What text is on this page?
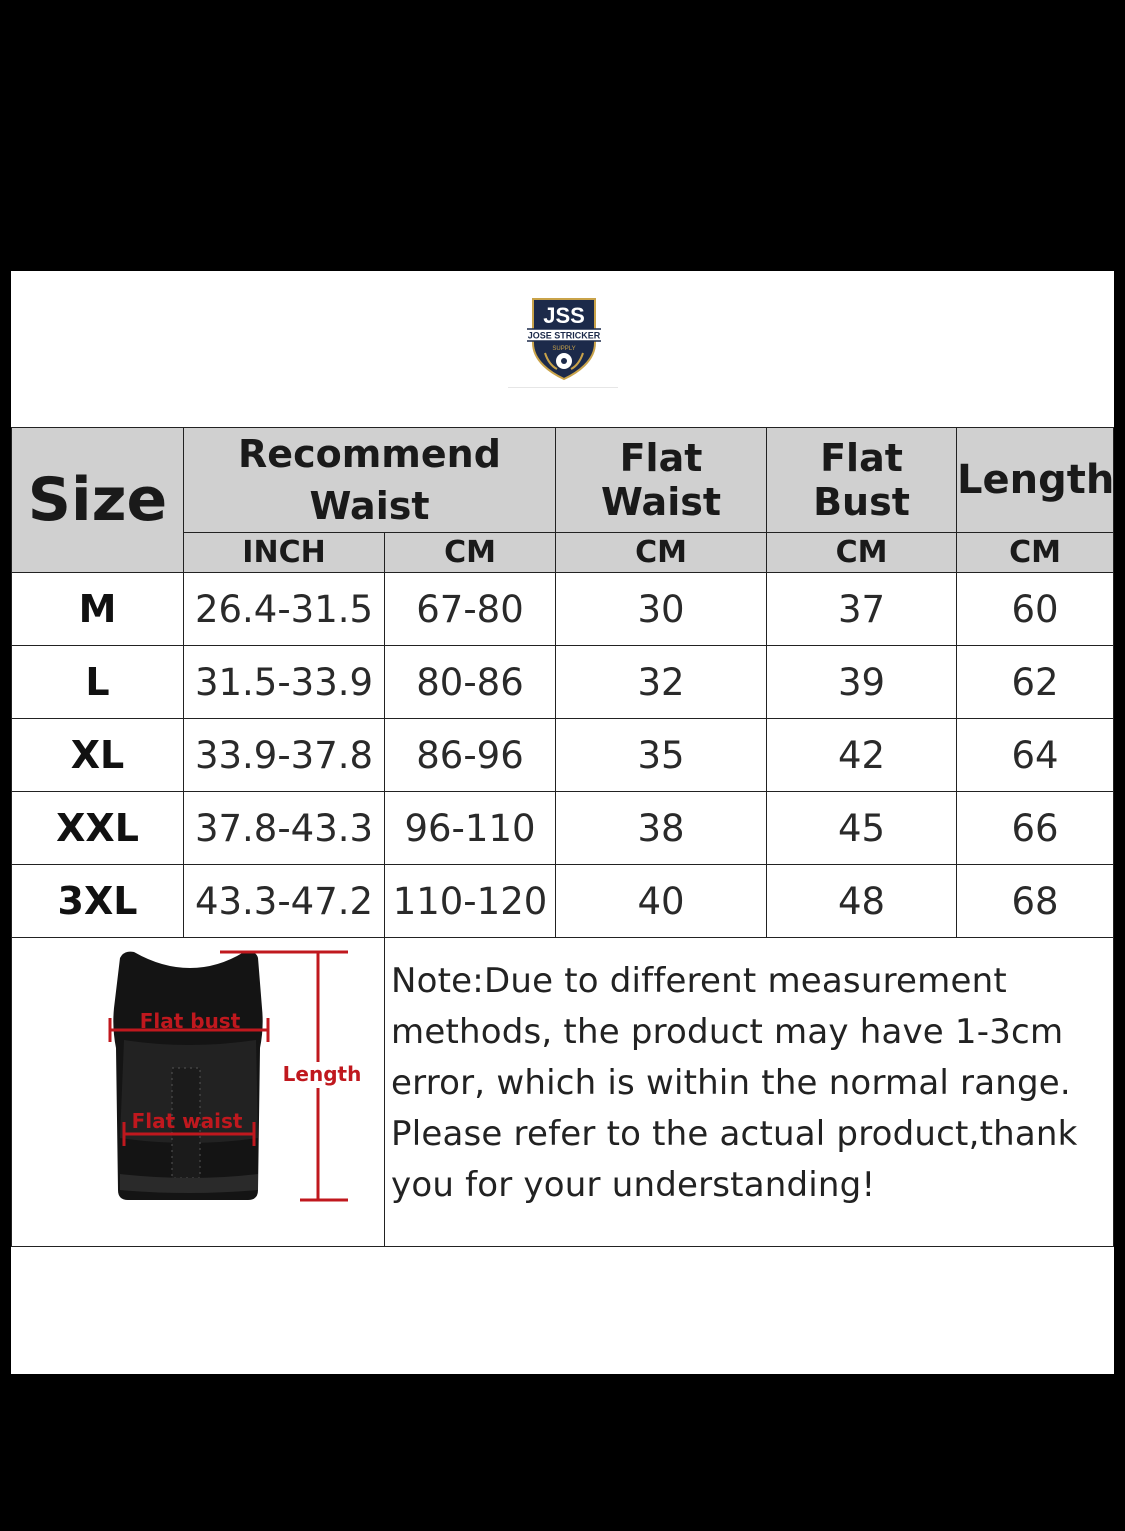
JSS
JOSE STRICKER
SUPPLY
Size	Recommend Waist		Flat Waist	Flat Bust	Length
	INCH	CM	CM	CM	CM
M	26.4-31.5	67-80	30	37	60
L	31.5-33.9	80-86	32	39	62
XL	33.9-37.8	86-96	35	42	64
XXL	37.8-43.3	96-110	38	45	66
3XL	43.3-47.2	110-120	40	48	68

Flat bust
Flat waist
Length		Note:Due to different measurement methods, the product may have 1-3cm error, which is within the normal range. Please refer to the actual product,thank you for your understanding!			
